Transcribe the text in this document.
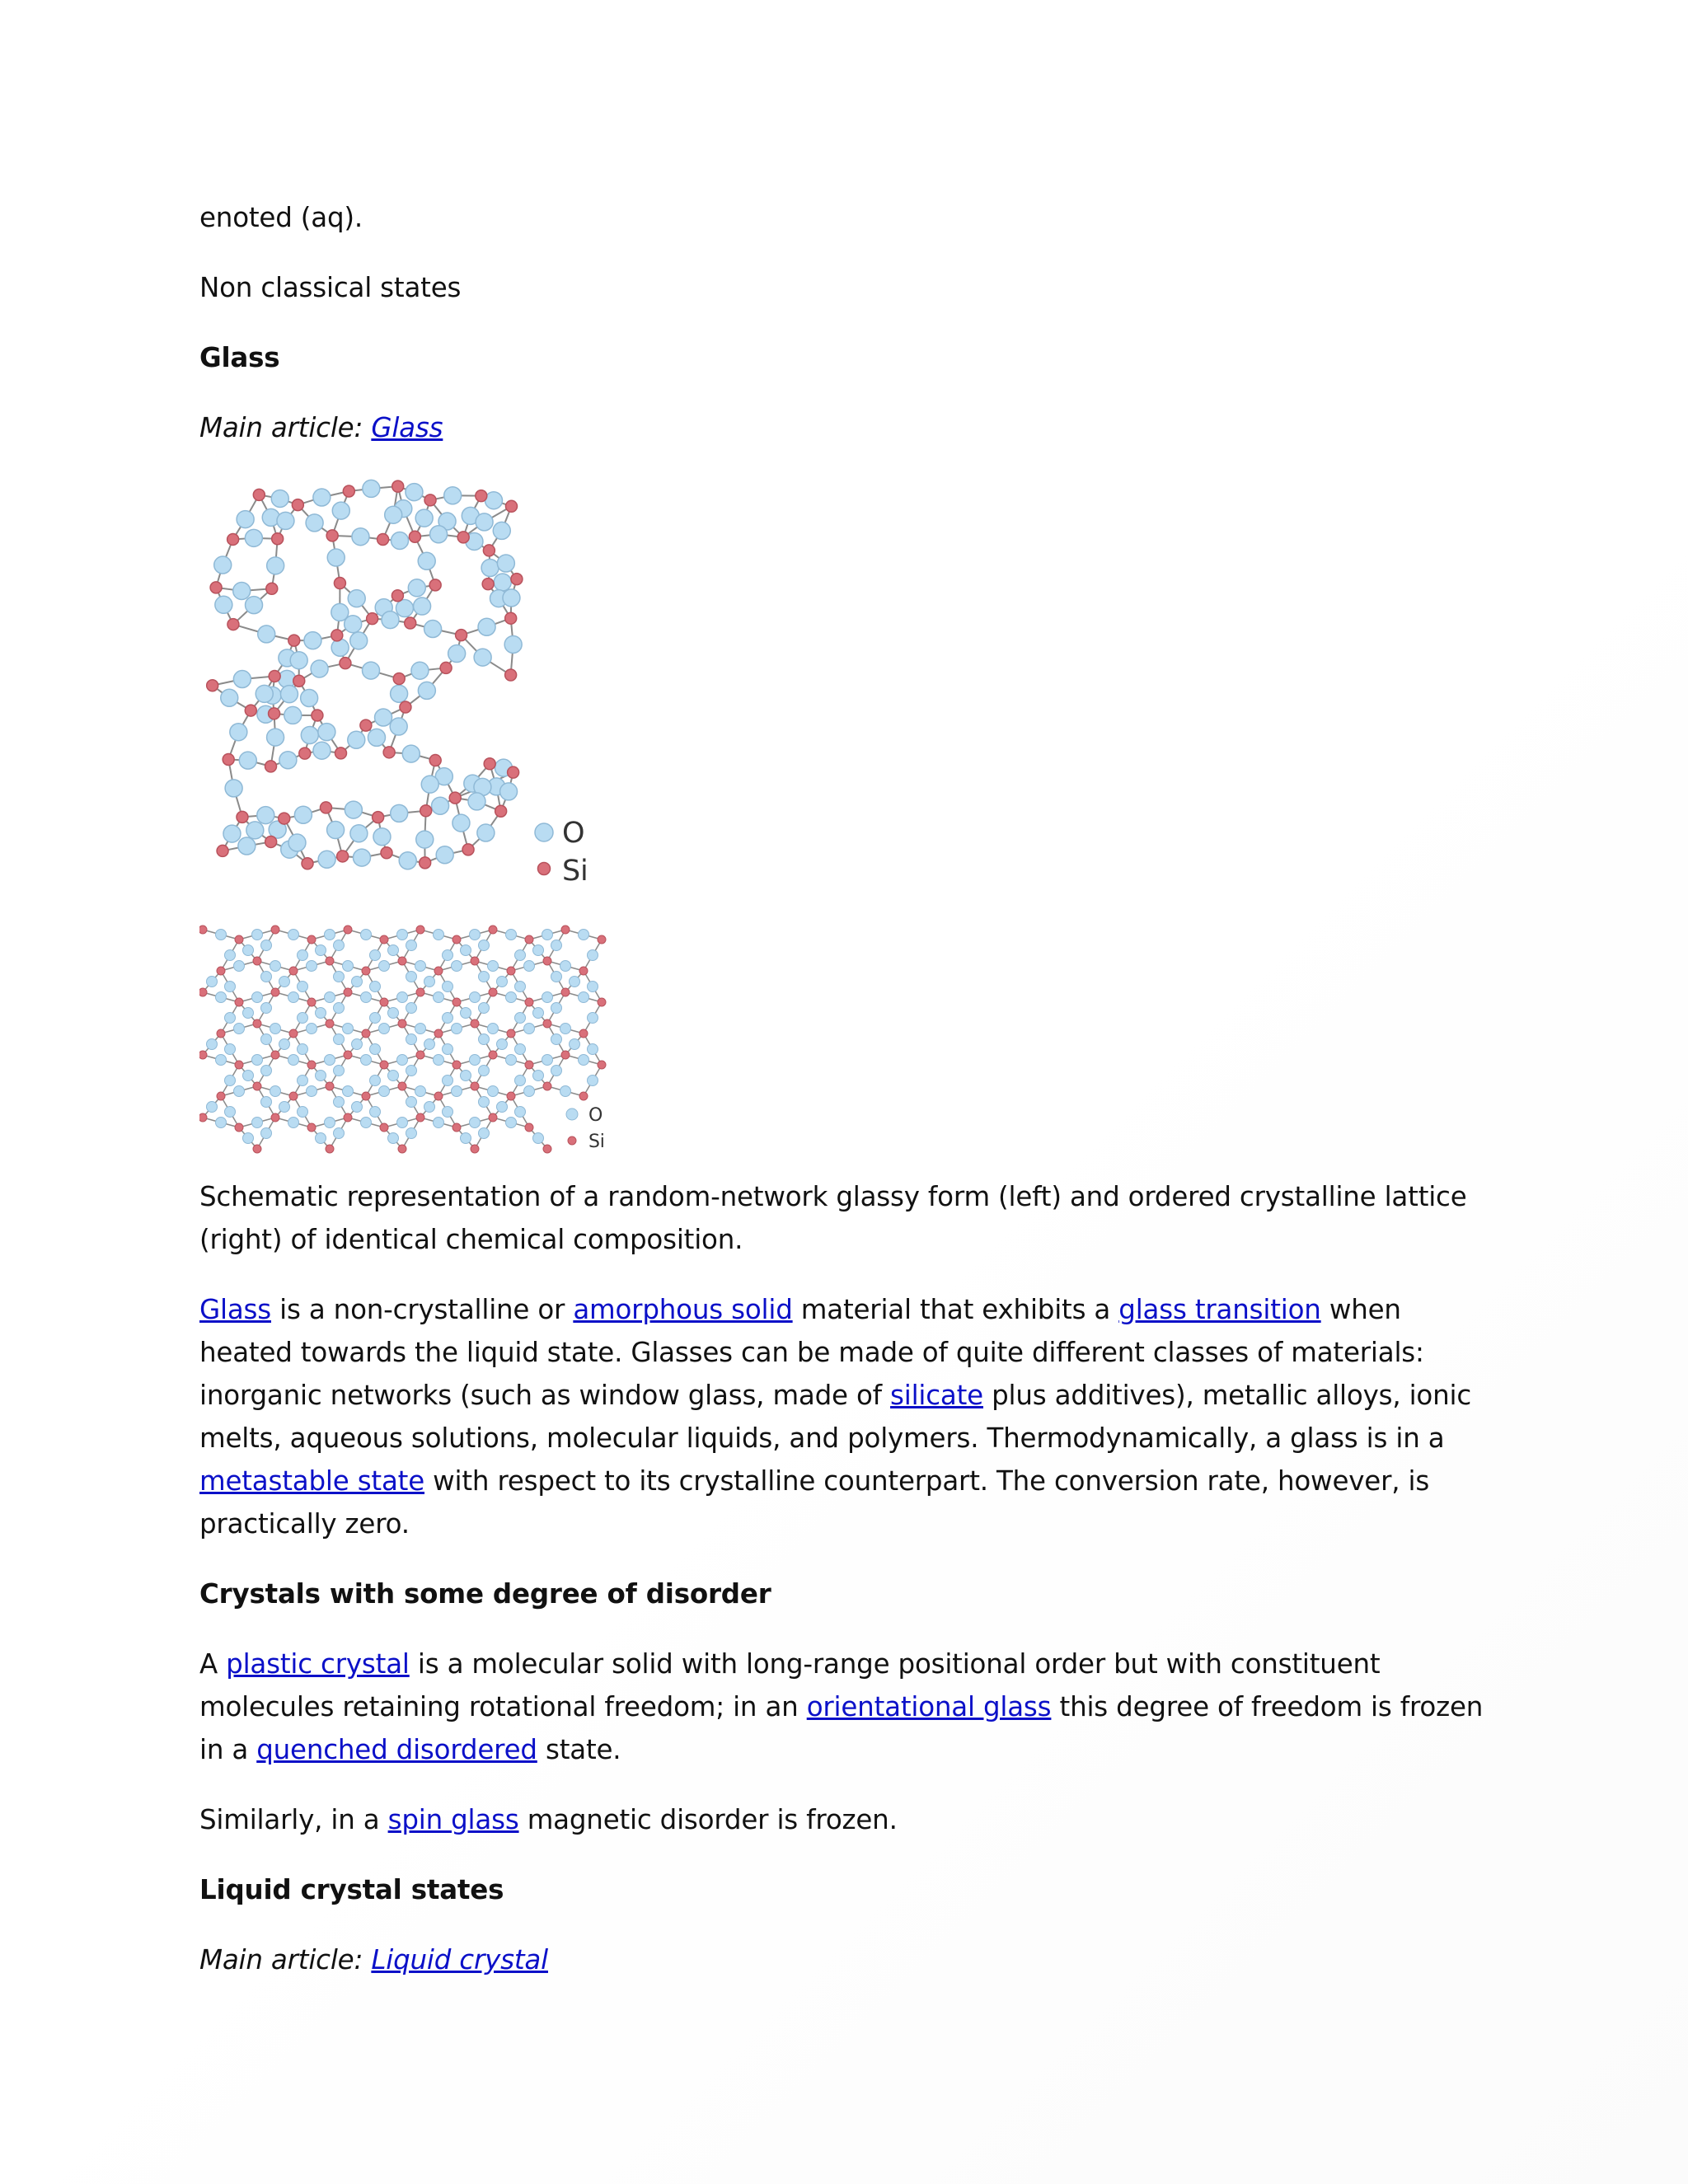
enoted (aq).

Non classical states

Glass

Main article: Glass

O
Si
O
Si

Schematic representation of a random-network glassy form (left) and ordered crystalline lattice (right) of identical chemical composition.

Glass is a non-crystalline or amorphous solid material that exhibits a glass transition when heated towards the liquid state. Glasses can be made of quite different classes of materials: inorganic networks (such as window glass, made of silicate plus additives), metallic alloys, ionic melts, aqueous solutions, molecular liquids, and polymers. Thermodynamically, a glass is in a metastable state with respect to its crystalline counterpart. The conversion rate, however, is practically zero.

Crystals with some degree of disorder

A plastic crystal is a molecular solid with long-range positional order but with constituent molecules retaining rotational freedom; in an orientational glass this degree of freedom is frozen in a quenched disordered state.

Similarly, in a spin glass magnetic disorder is frozen.

Liquid crystal states

Main article: Liquid crystal
